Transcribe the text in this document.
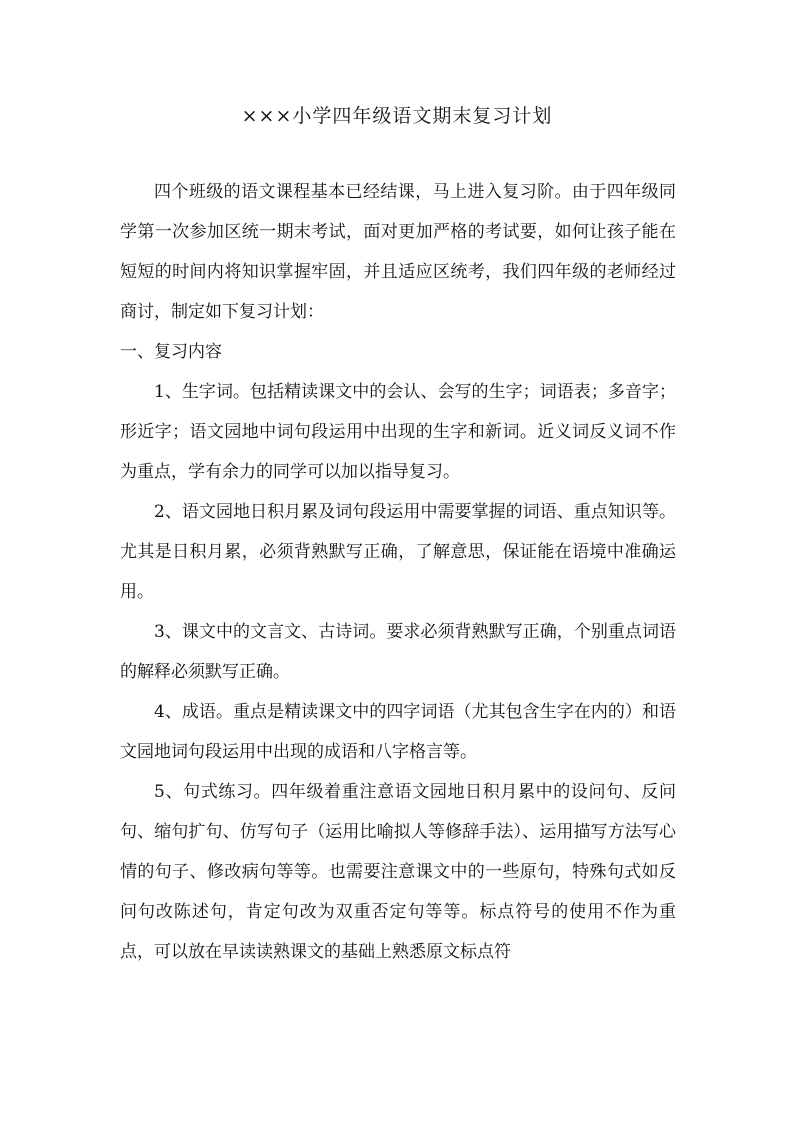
×××小学四年级语文期末复习计划

四个班级的语文课程基本已经结课，马上进入复习阶。由于四年级同学第一次参加区统一期末考试，面对更加严格的考试要，如何让孩子能在短短的时间内将知识掌握牢固，并且适应区统考，我们四年级的老师经过商讨，制定如下复习计划：

一、复习内容

1、生字词。包括精读课文中的会认、会写的生字；词语表；多音字；形近字；语文园地中词句段运用中出现的生字和新词。近义词反义词不作为重点，学有余力的同学可以加以指导复习。

2、语文园地日积月累及词句段运用中需要掌握的词语、重点知识等。尤其是日积月累，必须背熟默写正确，了解意思，保证能在语境中准确运用。

3、课文中的文言文、古诗词。要求必须背熟默写正确，个别重点词语的解释必须默写正确。

4、成语。重点是精读课文中的四字词语（尤其包含生字在内的）和语文园地词句段运用中出现的成语和八字格言等。

5、句式练习。四年级着重注意语文园地日积月累中的设问句、反问句、缩句扩句、仿写句子（运用比喻拟人等修辞手法）、运用描写方法写心情的句子、修改病句等等。也需要注意课文中的一些原句，特殊句式如反问句改陈述句，肯定句改为双重否定句等等。标点符号的使用不作为重点，可以放在早读读熟课文的基础上熟悉原文标点符
